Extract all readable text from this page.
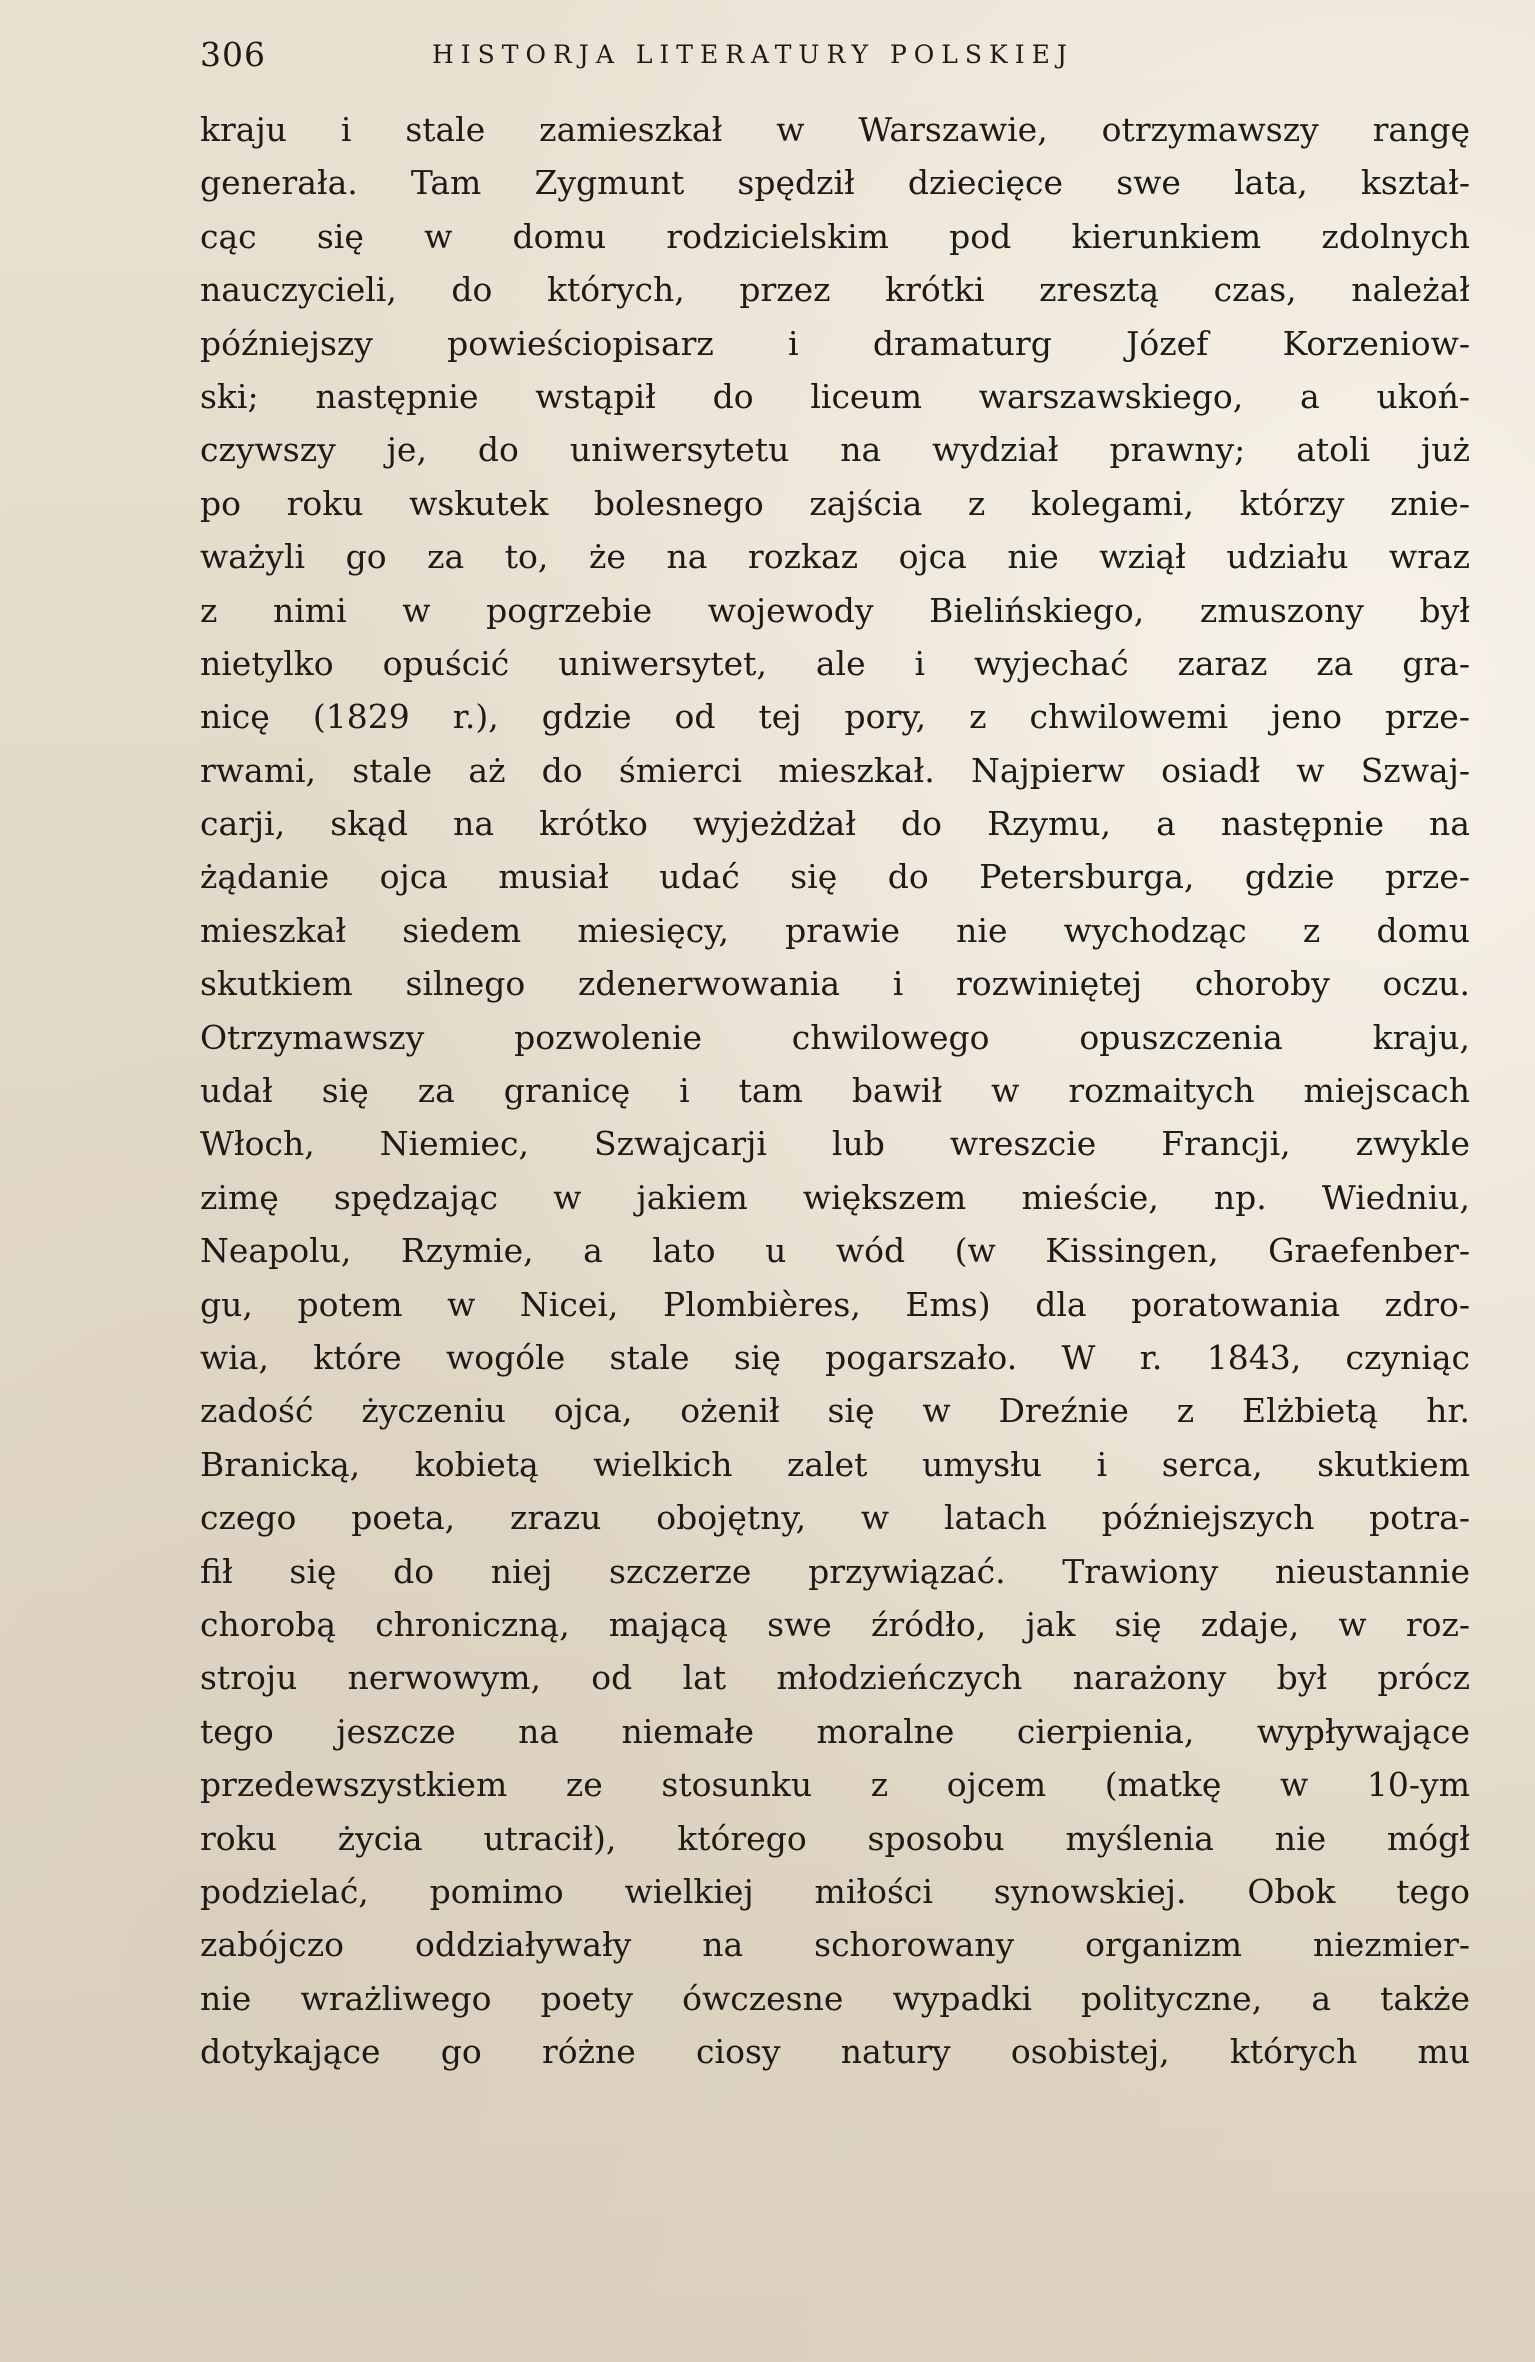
306	HISTORJA LITERATURY POLSKIEJ
kraju i stale zamieszkał w Warszawie, otrzymawszy rangę
generała. Tam Zygmunt spędził dziecięce swe lata, kształ-
cąc się w domu rodzicielskim pod kierunkiem zdolnych
nauczycieli, do których, przez krótki zresztą czas, należał
późniejszy powieściopisarz i dramaturg Józef Korzeniow-
ski; następnie wstąpił do liceum warszawskiego, a ukoń-
czywszy je, do uniwersytetu na wydział prawny; atoli już
po roku wskutek bolesnego zajścia z kolegami, którzy znie-
ważyli go za to, że na rozkaz ojca nie wziął udziału wraz
z nimi w pogrzebie wojewody Bielińskiego, zmuszony był
nietylko opuścić uniwersytet, ale i wyjechać zaraz za gra-
nicę (1829 r.), gdzie od tej pory, z chwilowemi jeno prze-
rwami, stale aż do śmierci mieszkał. Najpierw osiadł w Szwaj-
carji, skąd na krótko wyjeżdżał do Rzymu, a następnie na
żądanie ojca musiał udać się do Petersburga, gdzie prze-
mieszkał siedem miesięcy, prawie nie wychodząc z domu
skutkiem silnego zdenerwowania i rozwiniętej choroby oczu.
Otrzymawszy pozwolenie chwilowego opuszczenia kraju,
udał się za granicę i tam bawił w rozmaitych miejscach
Włoch, Niemiec, Szwajcarji lub wreszcie Francji, zwykle
zimę spędzając w jakiem większem mieście, np. Wiedniu,
Neapolu, Rzymie, a lato u wód (w Kissingen, Graefenber-
gu, potem w Nicei, Plombières, Ems) dla poratowania zdro-
wia, które wogóle stale się pogarszało. W r. 1843, czyniąc
zadość życzeniu ojca, ożenił się w Dreźnie z Elżbietą hr.
Branicką, kobietą wielkich zalet umysłu i serca, skutkiem
czego poeta, zrazu obojętny, w latach późniejszych potra-
fił się do niej szczerze przywiązać. Trawiony nieustannie
chorobą chroniczną, mającą swe źródło, jak się zdaje, w roz-
stroju nerwowym, od lat młodzieńczych narażony był prócz
tego jeszcze na niemałe moralne cierpienia, wypływające
przedewszystkiem ze stosunku z ojcem (matkę w 10-ym
roku życia utracił), którego sposobu myślenia nie mógł
podzielać, pomimo wielkiej miłości synowskiej. Obok tego
zabójczo oddziaływały na schorowany organizm niezmier-
nie wrażliwego poety ówczesne wypadki polityczne, a także
dotykające go różne ciosy natury osobistej, których mu
